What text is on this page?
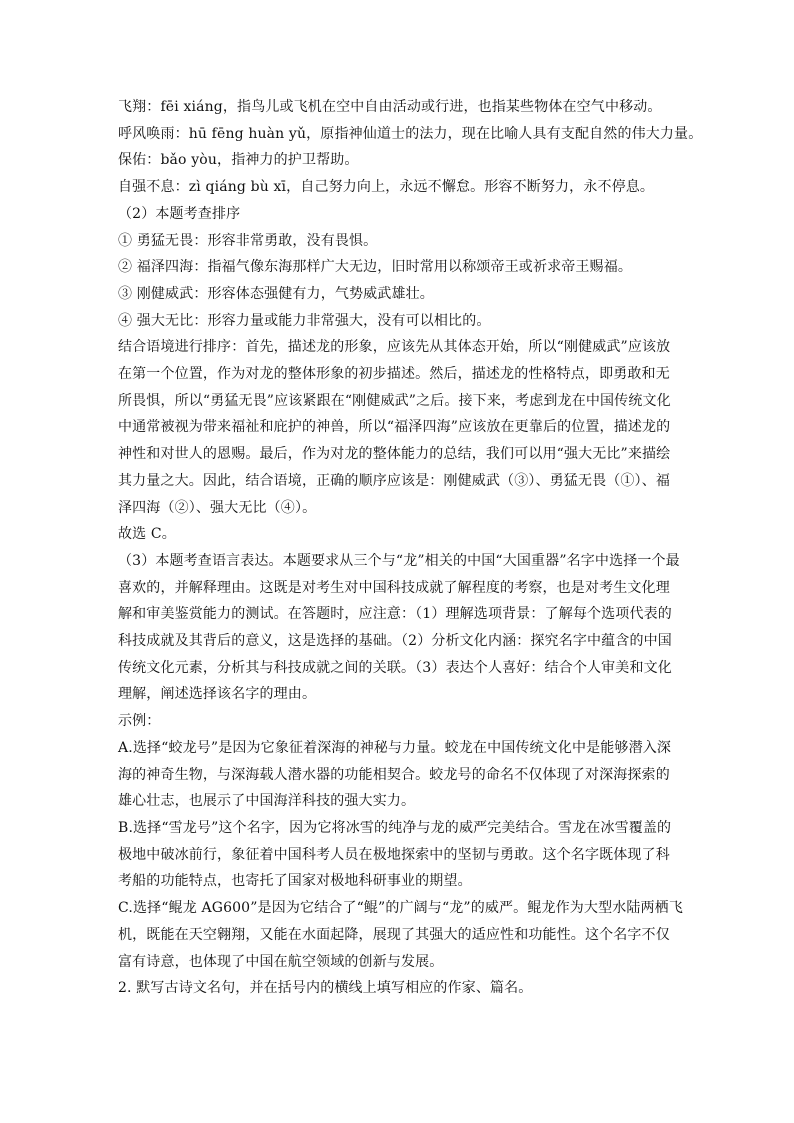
飞翔：fēi xiáng，指鸟儿或飞机在空中自由活动或行进，也指某些物体在空气中移动。
呼风唤雨：hū fēng huàn yǔ，原指神仙道士的法力，现在比喻人具有支配自然的伟大力量。
保佑：bǎo yòu，指神力的护卫帮助。
自强不息：zì qiáng bù xī，自己努力向上，永远不懈怠。形容不断努力，永不停息。
（2）本题考查排序
① 勇猛无畏：形容非常勇敢，没有畏惧。
② 福泽四海：指福气像东海那样广大无边，旧时常用以称颂帝王或祈求帝王赐福。
③ 刚健威武：形容体态强健有力，气势威武雄壮。
④ 强大无比：形容力量或能力非常强大，没有可以相比的。
结合语境进行排序：首先，描述龙的形象，应该先从其体态开始，所以“刚健威武”应该放
在第一个位置，作为对龙的整体形象的初步描述。然后，描述龙的性格特点，即勇敢和无
所畏惧，所以“勇猛无畏”应该紧跟在“刚健威武”之后。接下来，考虑到龙在中国传统文化
中通常被视为带来福祉和庇护的神兽，所以“福泽四海”应该放在更靠后的位置，描述龙的
神性和对世人的恩赐。最后，作为对龙的整体能力的总结，我们可以用“强大无比”来描绘
其力量之大。因此，结合语境，正确的顺序应该是：刚健威武（③）、勇猛无畏（①）、福
泽四海（②）、强大无比（④）。
故选 C。
（3）本题考查语言表达。本题要求从三个与“龙”相关的中国“大国重器”名字中选择一个最
喜欢的，并解释理由。这既是对考生对中国科技成就了解程度的考察，也是对考生文化理
解和审美鉴赏能力的测试。在答题时，应注意：（1）理解选项背景：了解每个选项代表的
科技成就及其背后的意义，这是选择的基础。（2）分析文化内涵：探究名字中蕴含的中国
传统文化元素，分析其与科技成就之间的关联。（3）表达个人喜好：结合个人审美和文化
理解，阐述选择该名字的理由。
示例：
A.选择“蛟龙号”是因为它象征着深海的神秘与力量。蛟龙在中国传统文化中是能够潜入深
海的神奇生物，与深海载人潜水器的功能相契合。蛟龙号的命名不仅体现了对深海探索的
雄心壮志，也展示了中国海洋科技的强大实力。
B.选择“雪龙号”这个名字，因为它将冰雪的纯净与龙的威严完美结合。雪龙在冰雪覆盖的
极地中破冰前行，象征着中国科考人员在极地探索中的坚韧与勇敢。这个名字既体现了科
考船的功能特点，也寄托了国家对极地科研事业的期望。
C.选择“鲲龙 AG600”是因为它结合了“鲲”的广阔与“龙”的威严。鲲龙作为大型水陆两栖飞
机，既能在天空翱翔，又能在水面起降，展现了其强大的适应性和功能性。这个名字不仅
富有诗意，也体现了中国在航空领域的创新与发展。
2. 默写古诗文名句，并在括号内的横线上填写相应的作家、篇名。
